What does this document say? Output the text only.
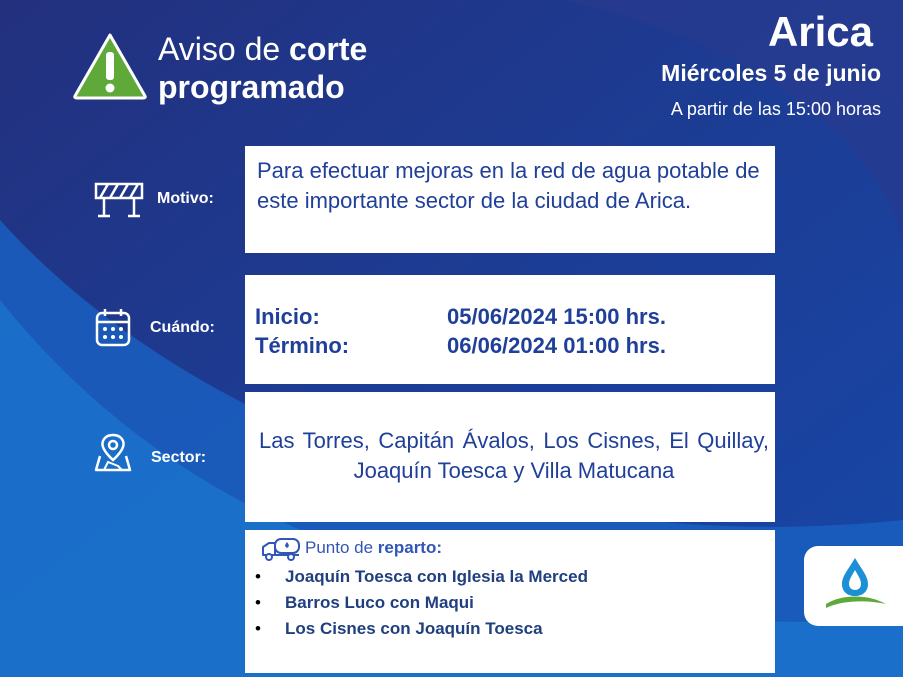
Aviso de corte
programado
Arica
Miércoles 5 de junio
A partir de las 15:00 horas
Motivo:
Para efectuar mejoras en la red de agua potable de este importante sector de la ciudad de Arica.
Cuándo: Inicio:	05/06/2024 15:00 hrs.
Término:	06/06/2024 01:00 hrs.
Sector:
Las Torres, Capitán Ávalos, Los Cisnes, El Quillay, Joaquín Toesca y Villa Matucana
Punto de reparto:
• Joaquín Toesca con Iglesia la Merced
• Barros Luco con Maqui
• Los Cisnes con Joaquín Toesca
